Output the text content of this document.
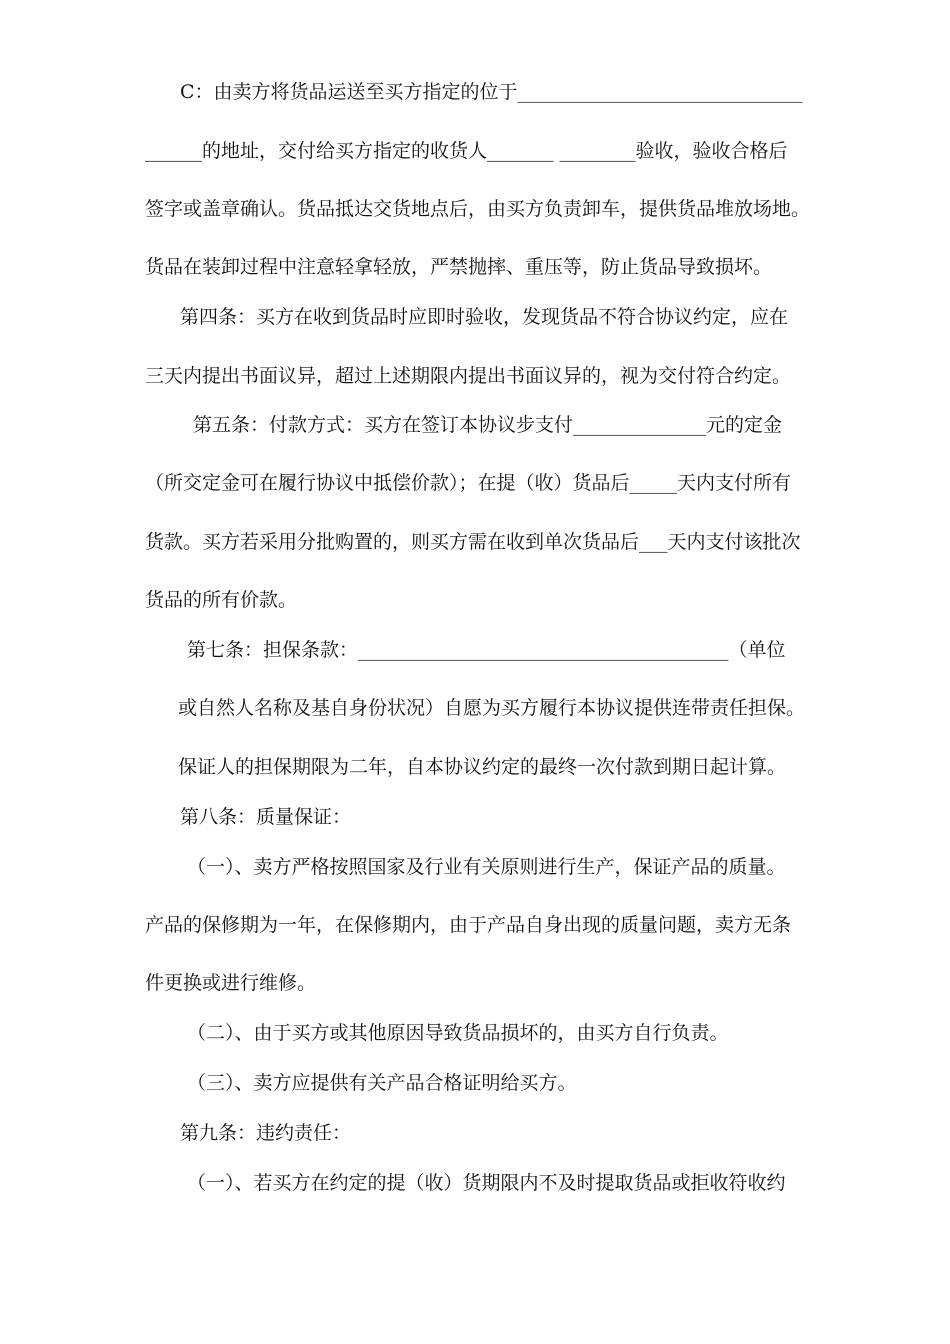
C：由卖方将货品运送至买方指定的位于______________________________
______的地址，交付给买方指定的收货人_______ ________验收，验收合格后
签字或盖章确认。货品抵达交货地点后，由买方负责卸车，提供货品堆放场地。
货品在装卸过程中注意轻拿轻放，严禁抛摔、重压等，防止货品导致损坏。
第四条：买方在收到货品时应即时验收，发现货品不符合协议约定，应在
三天内提出书面议异，超过上述期限内提出书面议异的，视为交付符合约定。
第五条：付款方式：买方在签订本协议步支付______________元的定金
（所交定金可在履行协议中抵偿价款）；在提（收）货品后_____天内支付所有
货款。买方若采用分批购置的，则买方需在收到单次货品后___天内支付该批次
货品的所有价款。
第七条：担保条款：_______________________________________（单位
或自然人名称及基自身份状况）自愿为买方履行本协议提供连带责任担保。
保证人的担保期限为二年，自本协议约定的最终一次付款到期日起计算。
第八条：质量保证：
（一）、卖方严格按照国家及行业有关原则进行生产，保证产品的质量。
产品的保修期为一年，在保修期内，由于产品自身出现的质量问题，卖方无条
件更换或进行维修。
（二）、由于买方或其他原因导致货品损坏的，由买方自行负责。
（三）、卖方应提供有关产品合格证明给买方。
第九条：违约责任：
（一）、若买方在约定的提（收）货期限内不及时提取货品或拒收符收约
